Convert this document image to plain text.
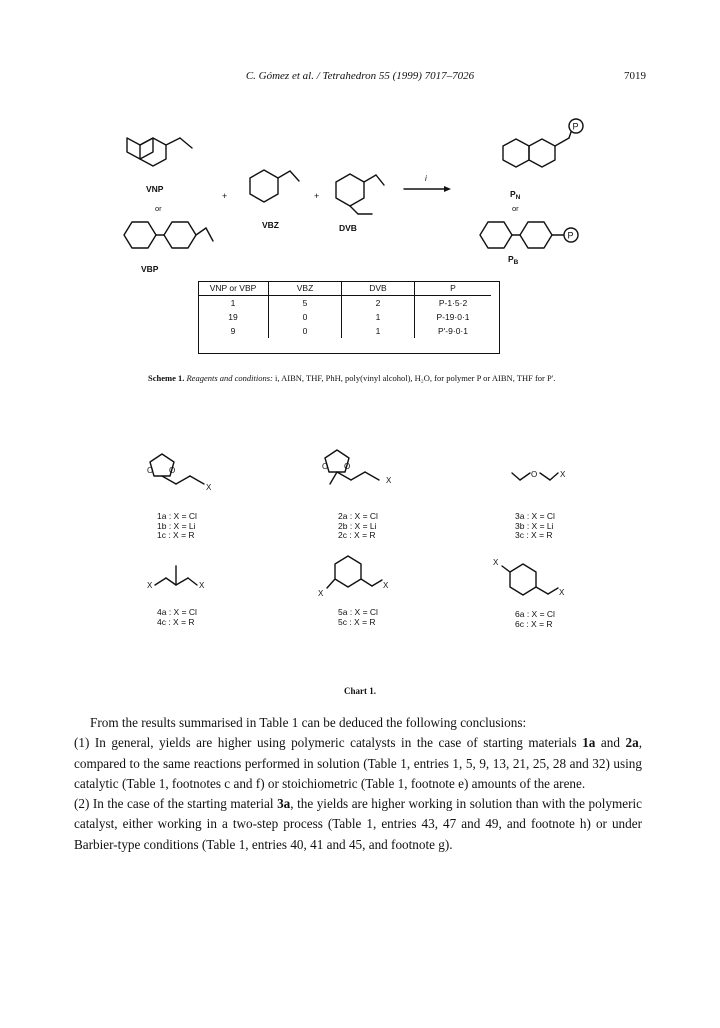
C. Gómez et al. / Tetrahedron 55 (1999) 7017–7026	7019
VNP
or
VBP
+
VBZ
+
DVB
i
P
$P_N$
or
P
$P_B$
VNP or VBP	VBZ	DVB	P
1	5	2	P-1·5·2
19	0	1	P-19·0·1
9	0	1	P'-9·0·1
Scheme 1. Reagents and conditions: i, AIBN, THF, PhH, poly(vinyl alcohol), H₂O, for polymer P or AIBN, THF for P'.
O O
X
O O
X
O	X
X	X
X
X
X
X
1a : X = Cl
1b : X = Li
1c : X = R
2a : X = Cl
2b : X = Li
2c : X = R
3a : X = Cl
3b : X = Li
3c : X = R
4a : X = Cl
4c : X = R
5a : X = Cl
5c : X = R
6a : X = Cl
6c : X = R
Chart 1.

From the results summarised in Table 1 can be deduced the following conclusions:

(1) In general, yields are higher using polymeric catalysts in the case of starting materials 1a and 2a, compared to the same reactions performed in solution (Table 1, entries 1, 5, 9, 13, 21, 25, 28 and 32) using catalytic (Table 1, footnotes c and f) or stoichiometric (Table 1, footnote e) amounts of the arene.

(2) In the case of the starting material 3a, the yields are higher working in solution than with the polymeric catalyst, either working in a two-step process (Table 1, entries 43, 47 and 49, and footnote h) or under Barbier-type conditions (Table 1, entries 40, 41 and 45, and footnote g).
